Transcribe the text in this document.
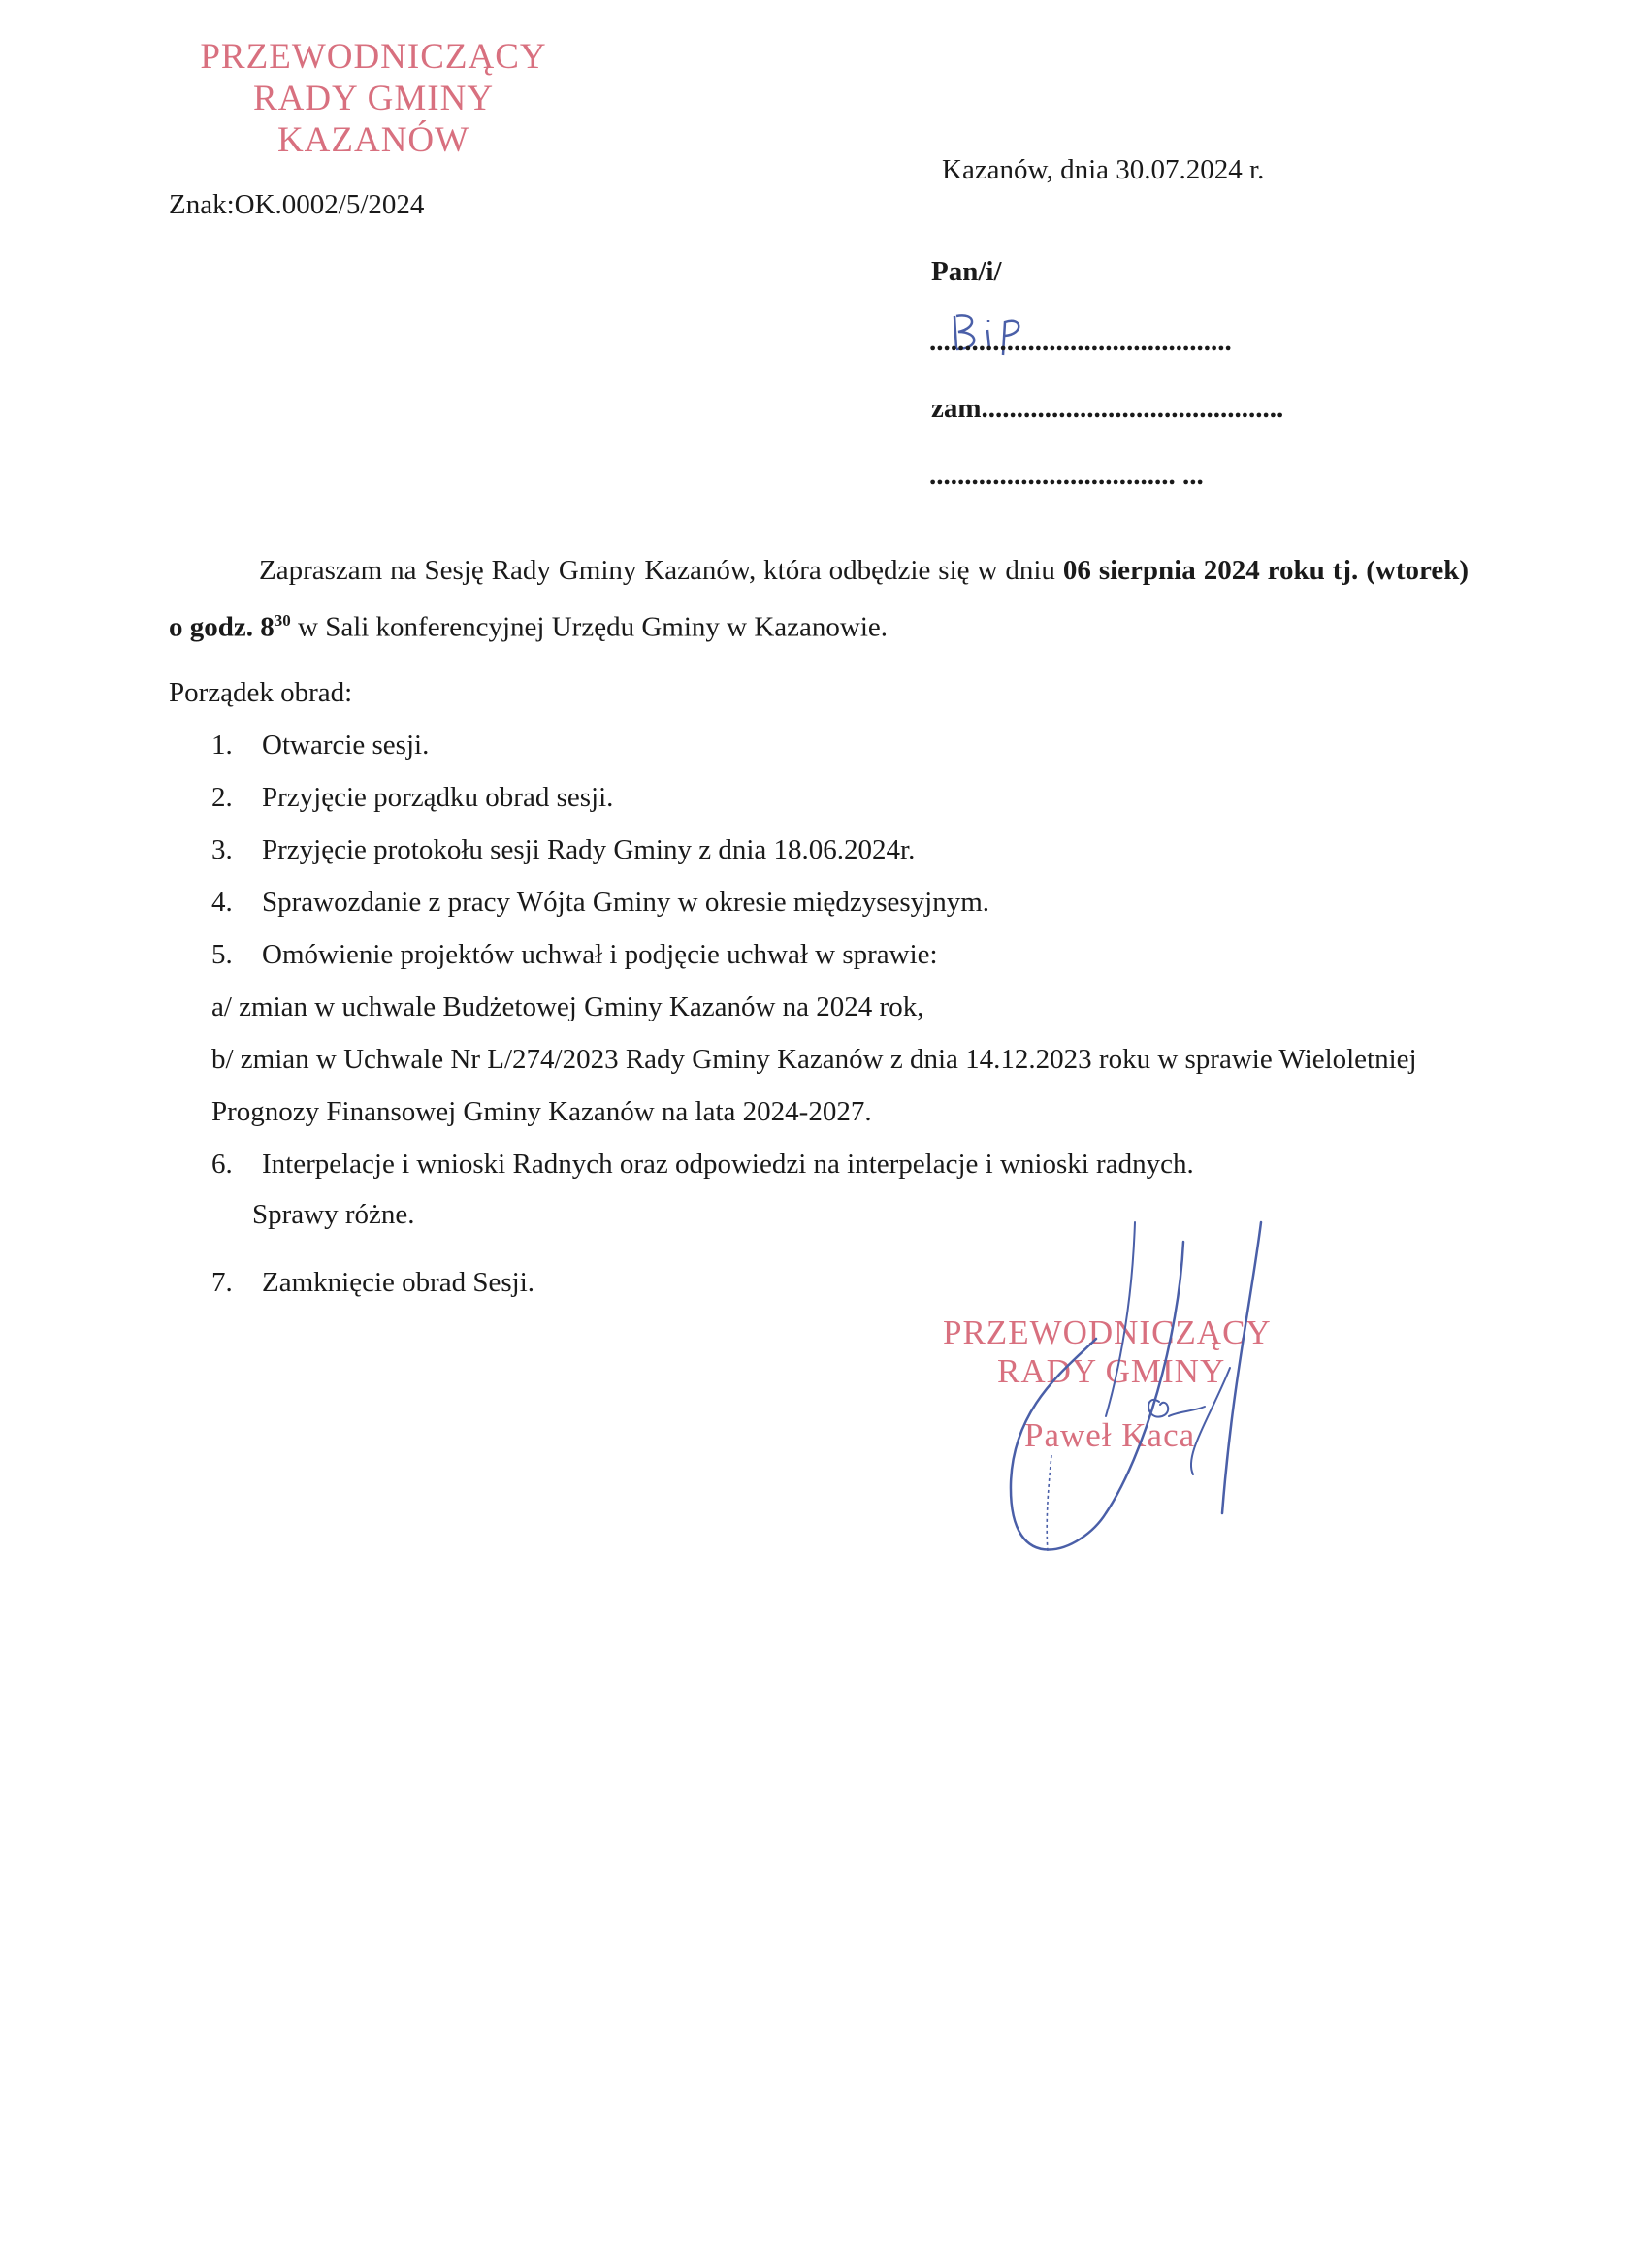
PRZEWODNICZĄCY
RADY GMINY
KAZANÓW
Znak:OK.0002/5/2024
Kazanów, dnia 30.07.2024 r.
Pan/i/
...........................................
zam...........................................
................................... ...

Zapraszam na Sesję Rady Gminy Kazanów, która odbędzie się w dniu 06 sierpnia 2024 roku tj. (wtorek) o godz. $8^{30}$ w Sali konferencyjnej Urzędu Gminy w Kazanowie.

Porządek obrad:
1. Otwarcie sesji.
2. Przyjęcie porządku obrad sesji.
3. Przyjęcie protokołu sesji Rady Gminy z dnia 18.06.2024r.
4. Sprawozdanie z pracy Wójta Gminy w okresie międzysesyjnym.
5. Omówienie projektów uchwał i podjęcie uchwał w sprawie:
a/ zmian w uchwale Budżetowej Gminy Kazanów na 2024 rok,
b/ zmian w Uchwale Nr L/274/2023 Rady Gminy Kazanów z dnia 14.12.2023 roku w sprawie Wieloletniej
Prognozy Finansowej Gminy Kazanów na lata 2024-2027.
6. Interpelacje i wnioski Radnych oraz odpowiedzi na interpelacje i wnioski radnych.
Sprawy różne.
7. Zamknięcie obrad Sesji.
PRZEWODNICZĄCY
RADY GMINY
Paweł Kaca
